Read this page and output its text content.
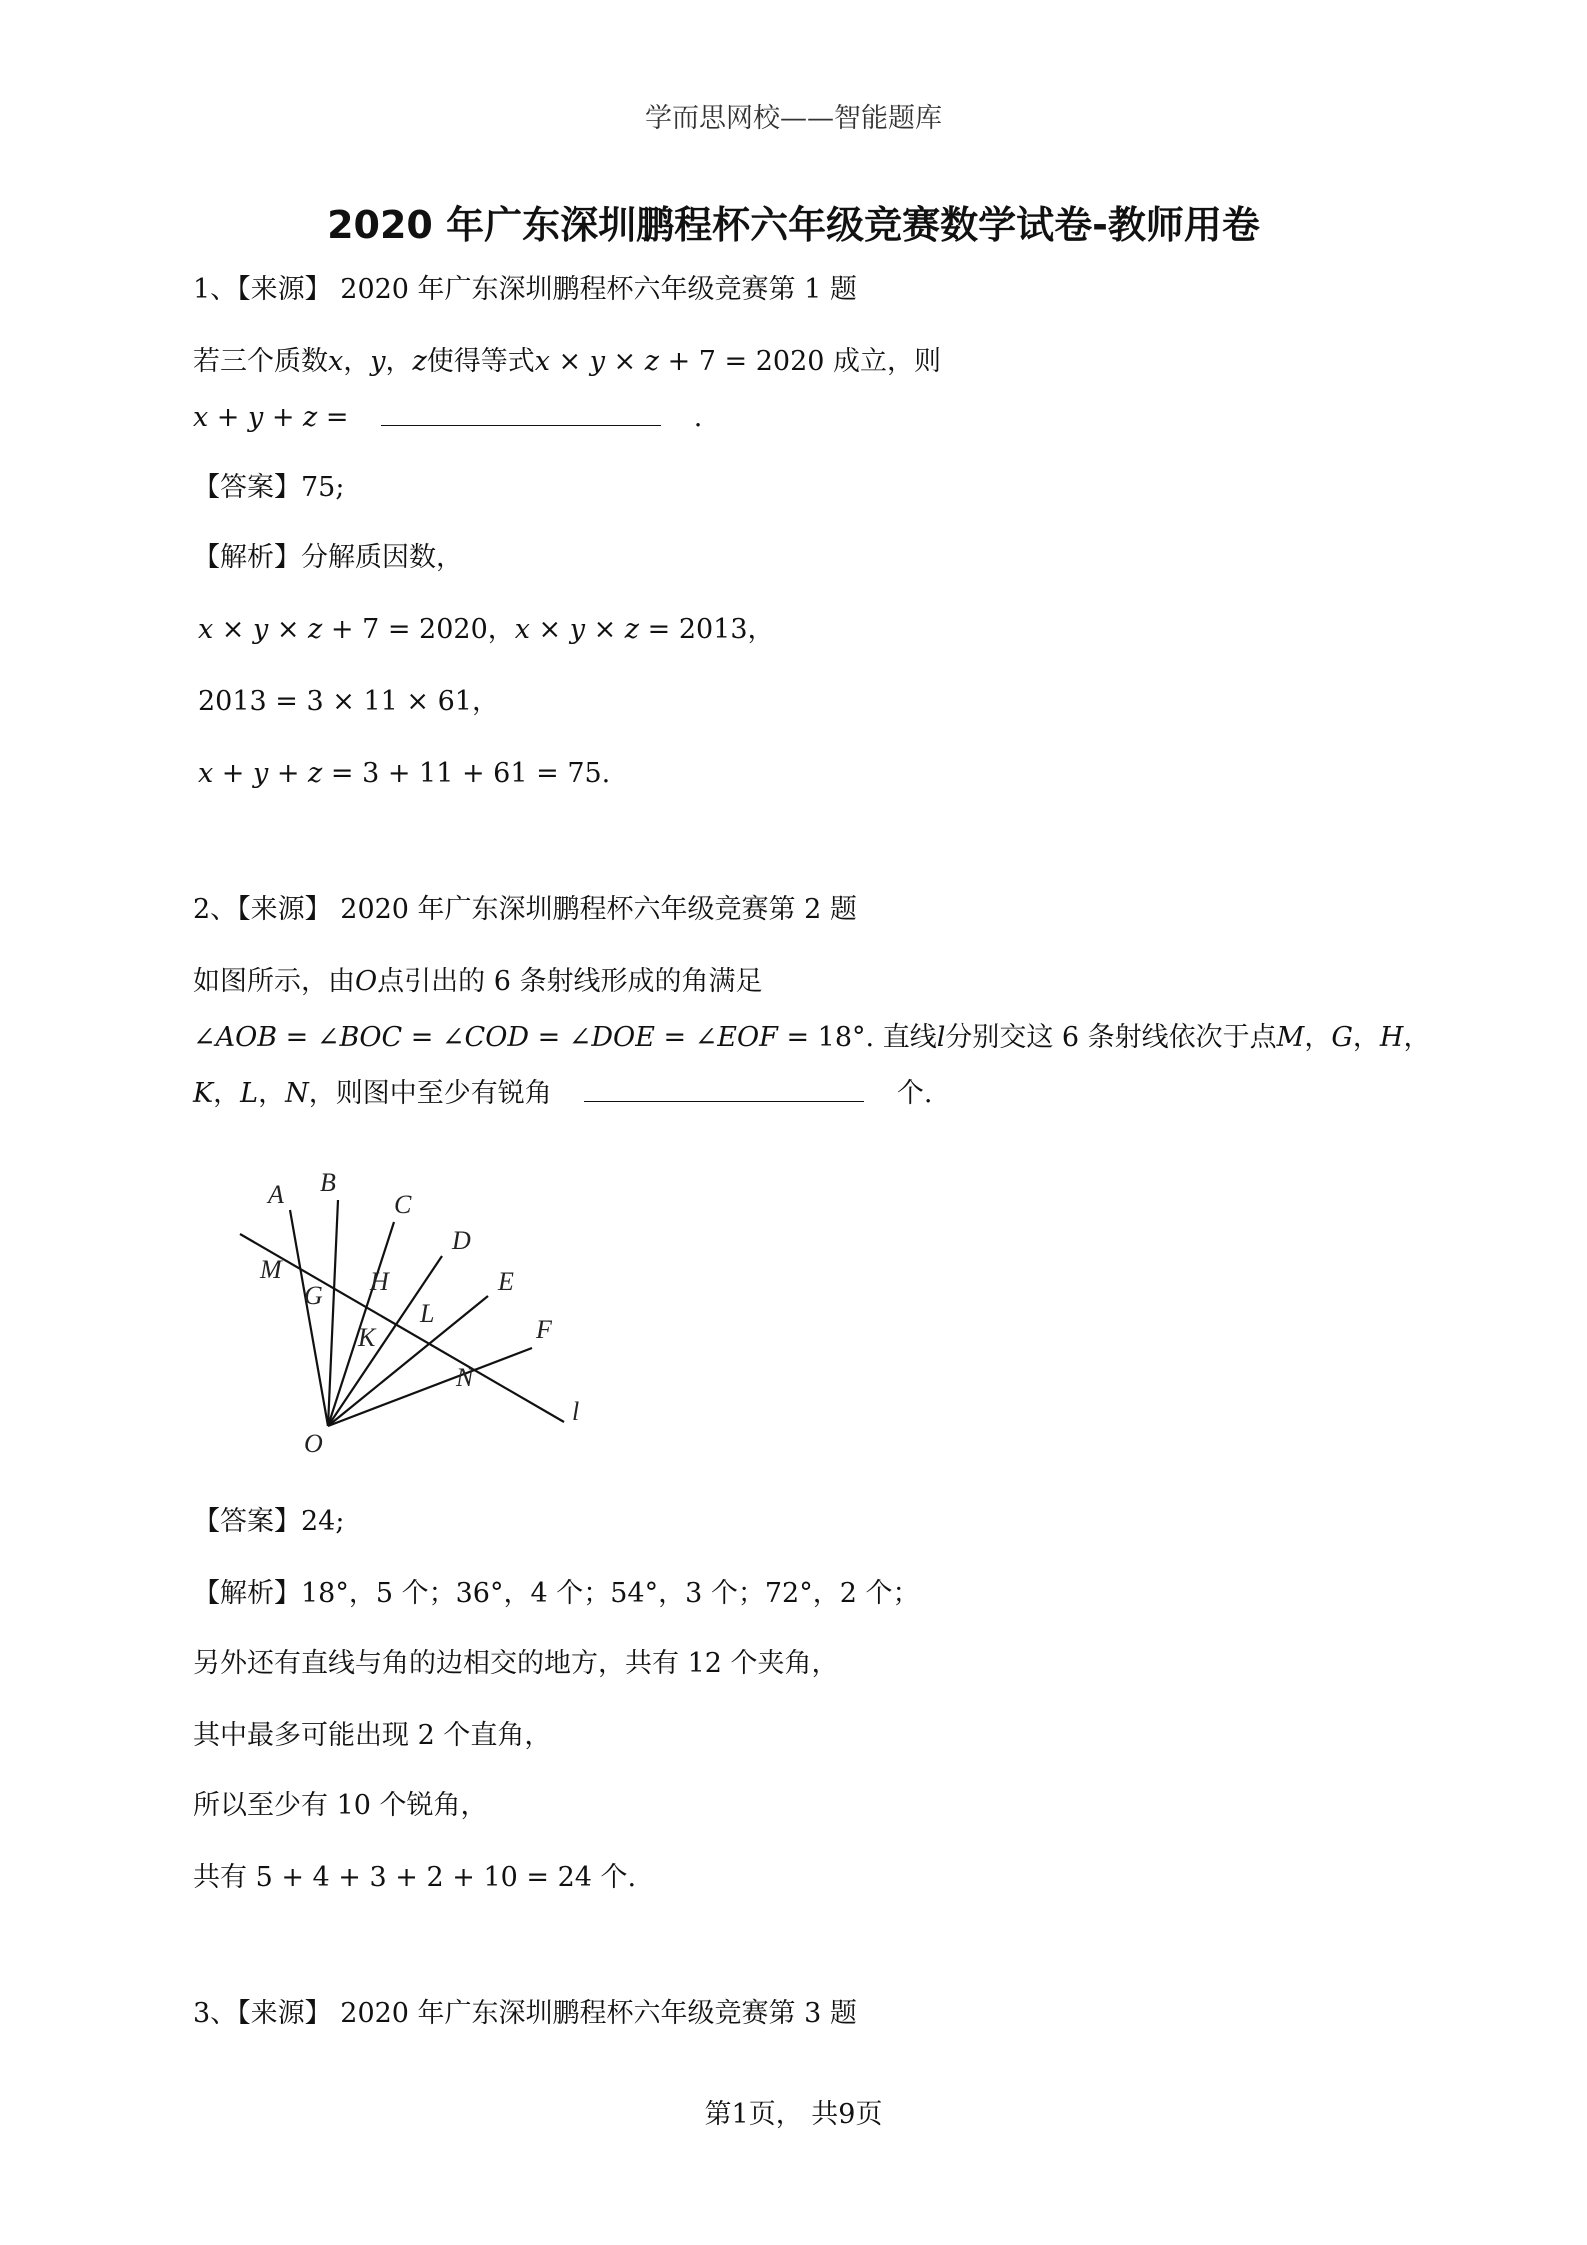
学而思网校——智能题库
2020 年广东深圳鹏程杯六年级竞赛数学试卷-教师用卷
1、【来源】 2020 年广东深圳鹏程杯六年级竞赛第 1 题
若三个质数𝑥，𝑦，𝑧使得等式𝑥 × 𝑦 × 𝑧 + 7 = 2020 成立，则
𝑥 + 𝑦 + 𝑧 =	.
【答案】75;
【解析】分解质因数，
𝑥 × 𝑦 × 𝑧 + 7 = 2020，𝑥 × 𝑦 × 𝑧 = 2013，
2013 = 3 × 11 × 61，
𝑥 + 𝑦 + 𝑧 = 3 + 11 + 61 = 75.
2、【来源】 2020 年广东深圳鹏程杯六年级竞赛第 2 题
如图所示，由𝑂点引出的 6 条射线形成的角满足
∠𝐴𝑂𝐵 = ∠𝐵𝑂𝐶 = ∠𝐶𝑂𝐷 = ∠𝐷𝑂𝐸 = ∠𝐸𝑂𝐹 = 18°. 直线𝑙分别交这 6 条射线依次于点𝑀，𝐺，𝐻，
𝐾，𝐿，𝑁，则图中至少有锐角	个.
A B
C
D
E
F
M
G H
K
L
N
O
l
【答案】24;
【解析】18°，5 个；36°，4 个；54°，3 个；72°，2 个；
另外还有直线与角的边相交的地方，共有 12 个夹角，
其中最多可能出现 2 个直角，
所以至少有 10 个锐角，
共有 5 + 4 + 3 + 2 + 10 = 24 个.
3、【来源】 2020 年广东深圳鹏程杯六年级竞赛第 3 题
第1页， 共9页
